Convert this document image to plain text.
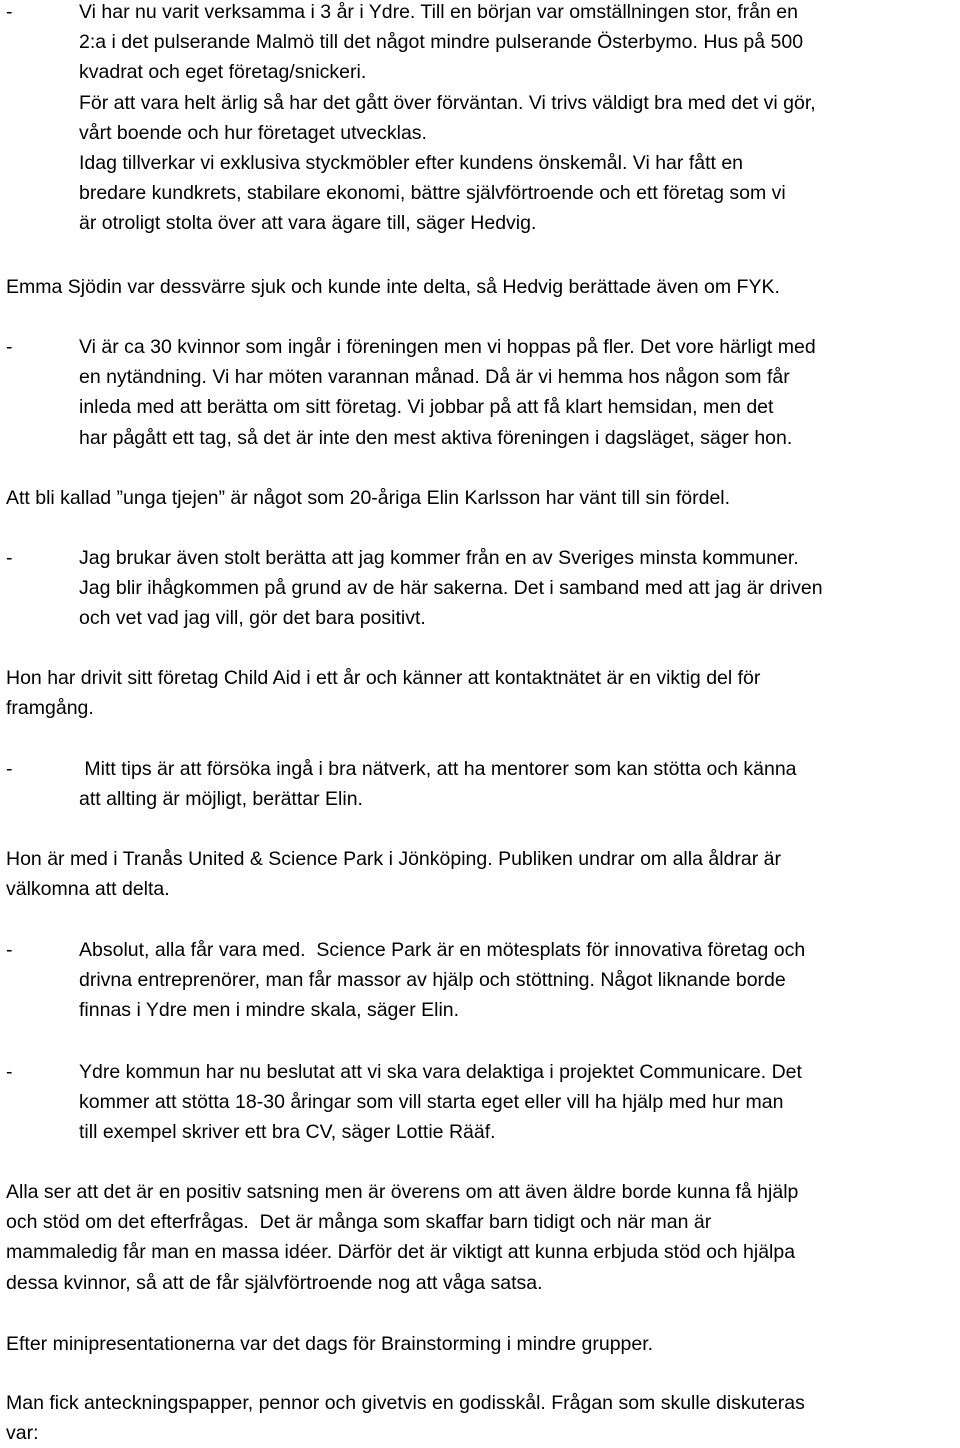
-	Vi har nu varit verksamma i 3 år i Ydre. Till en början var omställningen stor, från en
2:a i det pulserande Malmö till det något mindre pulserande Österbymo. Hus på 500
kvadrat och eget företag/snickeri.
För att vara helt ärlig så har det gått över förväntan. Vi trivs väldigt bra med det vi gör,
vårt boende och hur företaget utvecklas.
Idag tillverkar vi exklusiva styckmöbler efter kundens önskemål. Vi har fått en
bredare kundkrets, stabilare ekonomi, bättre självförtroende och ett företag som vi
är otroligt stolta över att vara ägare till, säger Hedvig.
Emma Sjödin var dessvärre sjuk och kunde inte delta, så Hedvig berättade även om FYK.
-	Vi är ca 30 kvinnor som ingår i föreningen men vi hoppas på fler. Det vore härligt med
en nytändning. Vi har möten varannan månad. Då är vi hemma hos någon som får
inleda med att berätta om sitt företag. Vi jobbar på att få klart hemsidan, men det
har pågått ett tag, så det är inte den mest aktiva föreningen i dagsläget, säger hon.
Att bli kallad ”unga tjejen” är något som 20-åriga Elin Karlsson har vänt till sin fördel.
-	Jag brukar även stolt berätta att jag kommer från en av Sveriges minsta kommuner.
Jag blir ihågkommen på grund av de här sakerna. Det i samband med att jag är driven
och vet vad jag vill, gör det bara positivt.
Hon har drivit sitt företag Child Aid i ett år och känner att kontaktnätet är en viktig del för
framgång.
-	Mitt tips är att försöka ingå i bra nätverk, att ha mentorer som kan stötta och känna
att allting är möjligt, berättar Elin.
Hon är med i Tranås United & Science Park i Jönköping. Publiken undrar om alla åldrar är
välkomna att delta.
-	Absolut, alla får vara med.  Science Park är en mötesplats för innovativa företag och
drivna entreprenörer, man får massor av hjälp och stöttning. Något liknande borde
finnas i Ydre men i mindre skala, säger Elin.
-	Ydre kommun har nu beslutat att vi ska vara delaktiga i projektet Communicare. Det
kommer att stötta 18-30 åringar som vill starta eget eller vill ha hjälp med hur man
till exempel skriver ett bra CV, säger Lottie Rääf.
Alla ser att det är en positiv satsning men är överens om att även äldre borde kunna få hjälp
och stöd om det efterfrågas.  Det är många som skaffar barn tidigt och när man är
mammaledig får man en massa idéer. Därför det är viktigt att kunna erbjuda stöd och hjälpa
dessa kvinnor, så att de får självförtroende nog att våga satsa.
Efter minipresentationerna var det dags för Brainstorming i mindre grupper.
Man fick anteckningspapper, pennor och givetvis en godisskål. Frågan som skulle diskuteras
var:
